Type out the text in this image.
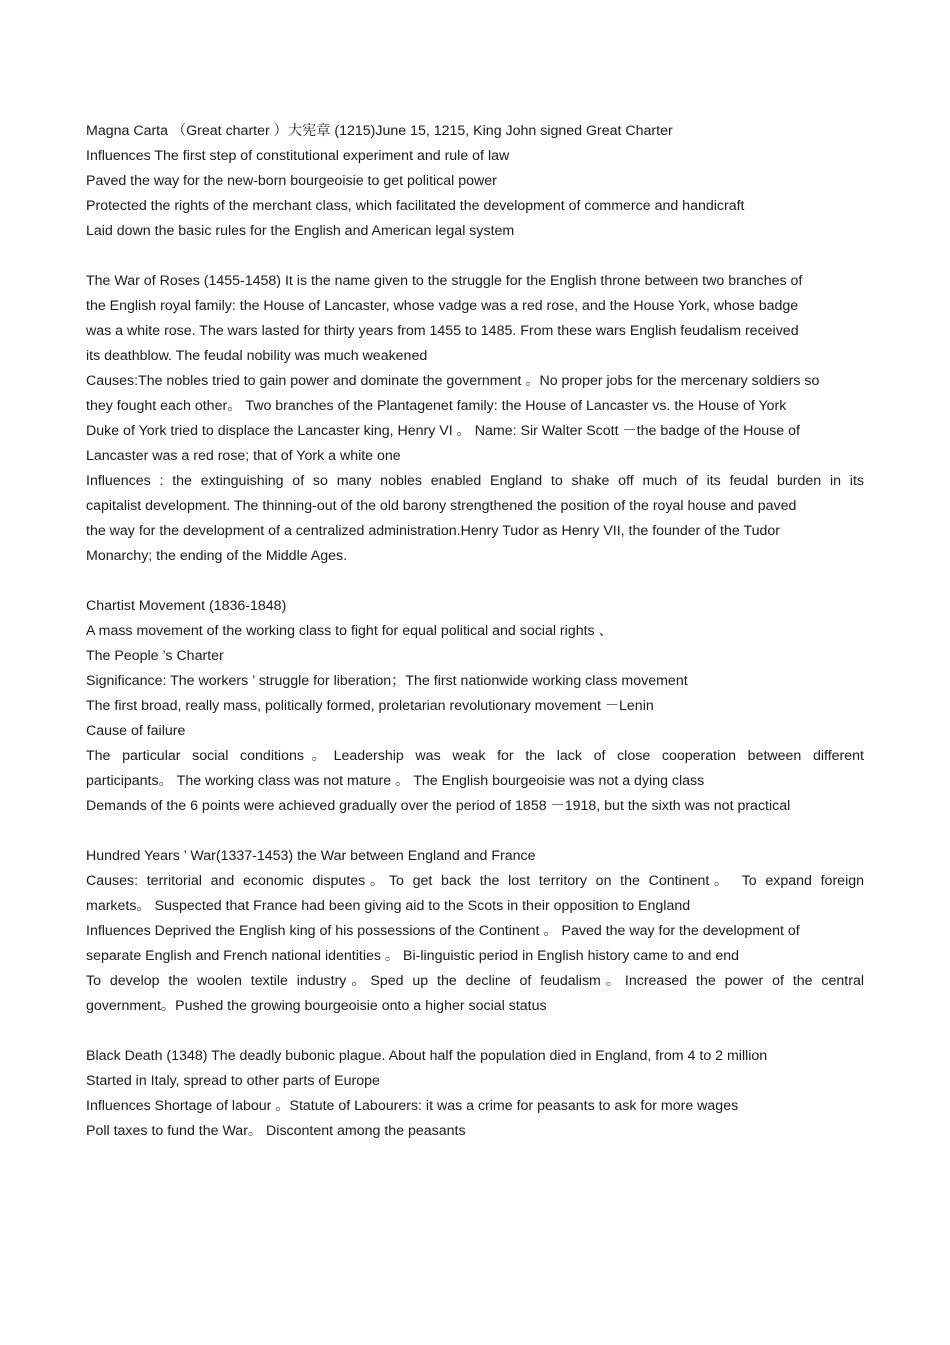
Magna Carta （Great charter ）大宪章 (1215)June 15, 1215, King John signed Great Charter
Influences The first step of constitutional experiment and rule of law
Paved the way for the new-born bourgeoisie to get political power
Protected the rights of the merchant class, which facilitated the development of commerce and handicraft
Laid down the basic rules for the English and American legal system
The War of Roses (1455-1458) It is the name given to the struggle for the English throne between two branches of
the English royal family: the House of Lancaster, whose vadge was a red rose, and the House York, whose badge
was a white rose. The wars lasted for thirty years from 1455 to 1485. From these wars English feudalism received
its deathblow. The feudal nobility was much weakened
Causes:The nobles tried to gain power and dominate the government 。No proper jobs for the mercenary soldiers so
they fought each other。 Two branches of the Plantagenet family: the House of Lancaster vs. the House of York
Duke of York tried to displace the Lancaster king, Henry VI 。 Name: Sir Walter Scott －the badge of the House of
Lancaster was a red rose; that of York a white one
Influences : the extinguishing of so many nobles enabled England to shake off much of its feudal burden in its
capitalist development. The thinning-out of the old barony strengthened the position of the royal house and paved
the way for the development of a centralized administration.Henry Tudor as Henry VII, the founder of the Tudor
Monarchy; the ending of the Middle Ages.
Chartist Movement (1836-1848)
A mass movement of the working class to fight for equal political and social rights 、
The People ’s Charter
Significance: The workers ’ struggle for liberation；The first nationwide working class movement
The first broad, really mass, politically formed, proletarian revolutionary movement －Lenin
Cause of failure
The particular social conditions。Leadership was weak for the lack of close cooperation between different
participants。 The working class was not mature 。 The English bourgeoisie was not a dying class
Demands of the 6 points were achieved gradually over the period of 1858 －1918, but the sixth was not practical
Hundred Years ’ War(1337-1453) the War between England and France
Causes: territorial and economic disputes。To get back the lost territory on the Continent。 To expand foreign
markets。 Suspected that France had been giving aid to the Scots in their opposition to England
Influences Deprived the English king of his possessions of the Continent 。 Paved the way for the development of
separate English and French national identities 。 Bi-linguistic period in English history came to and end
To develop the woolen textile industry。Sped up the decline of feudalism。Increased the power of the central
government。Pushed the growing bourgeoisie onto a higher social status
Black Death (1348) The deadly bubonic plague. About half the population died in England, from 4 to 2 million
Started in Italy, spread to other parts of Europe
Influences Shortage of labour 。Statute of Labourers: it was a crime for peasants to ask for more wages
Poll taxes to fund the War。 Discontent among the peasants
